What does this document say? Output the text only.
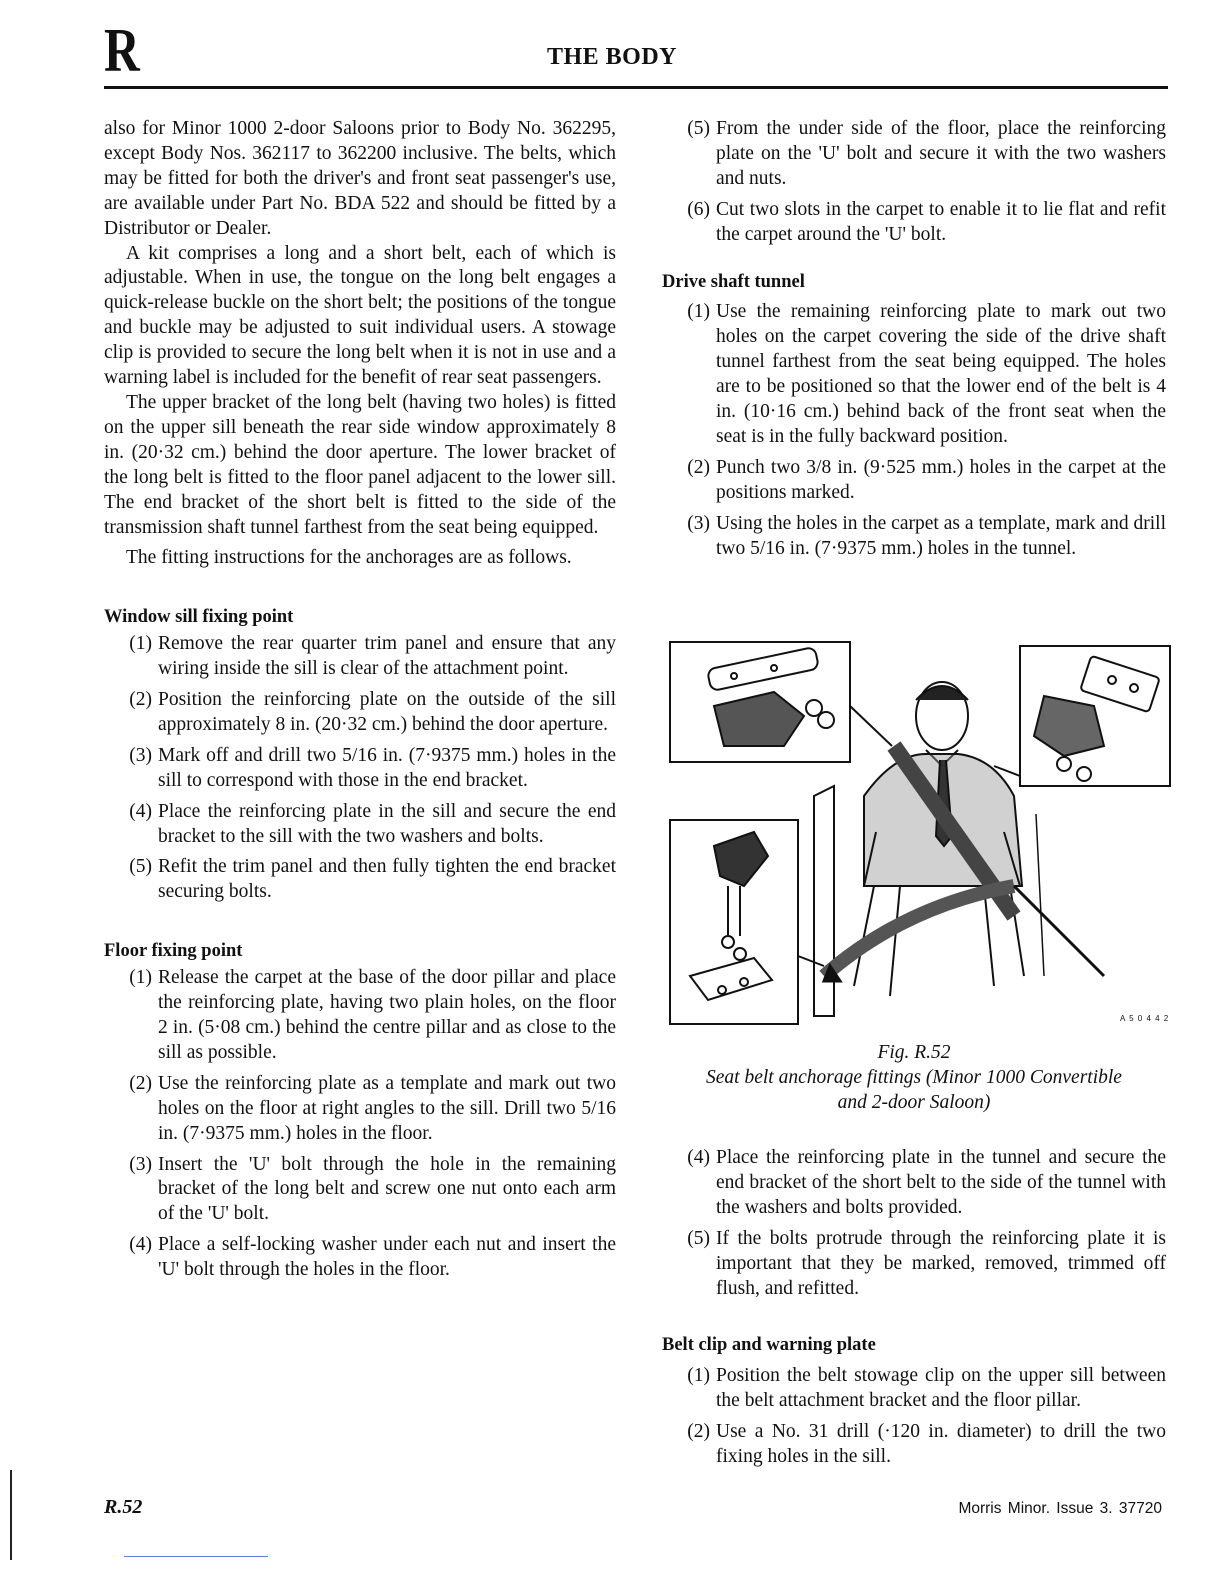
R	THE BODY

also for Minor 1000 2-door Saloons prior to Body No. 362295, except Body Nos. 362117 to 362200 inclusive. The belts, which may be fitted for both the driver's and front seat passenger's use, are available under Part No. BDA 522 and should be fitted by a Distributor or Dealer.

A kit comprises a long and a short belt, each of which is adjustable. When in use, the tongue on the long belt engages a quick-release buckle on the short belt; the positions of the tongue and buckle may be adjusted to suit individual users. A stowage clip is provided to secure the long belt when it is not in use and a warning label is included for the benefit of rear seat passengers.

The upper bracket of the long belt (having two holes) is fitted on the upper sill beneath the rear side window approximately 8 in. (20·32 cm.) behind the door aperture. The lower bracket of the long belt is fitted to the floor panel adjacent to the lower sill. The end bracket of the short belt is fitted to the side of the transmission shaft tunnel farthest from the seat being equipped.

The fitting instructions for the anchorages are as follows.

Window sill fixing point
(1) Remove the rear quarter trim panel and ensure that any wiring inside the sill is clear of the attachment point.
(2) Position the reinforcing plate on the outside of the sill approximately 8 in. (20·32 cm.) behind the door aperture.
(3) Mark off and drill two 5/16 in. (7·9375 mm.) holes in the sill to correspond with those in the end bracket.
(4) Place the reinforcing plate in the sill and secure the end bracket to the sill with the two washers and bolts.
(5) Refit the trim panel and then fully tighten the end bracket securing bolts.
Floor fixing point
(1) Release the carpet at the base of the door pillar and place the reinforcing plate, having two plain holes, on the floor 2 in. (5·08 cm.) behind the centre pillar and as close to the sill as possible.
(2) Use the reinforcing plate as a template and mark out two holes on the floor at right angles to the sill. Drill two 5/16 in. (7·9375 mm.) holes in the floor.
(3) Insert the 'U' bolt through the hole in the remaining bracket of the long belt and screw one nut onto each arm of the 'U' bolt.
(4) Place a self-locking washer under each nut and insert the 'U' bolt through the holes in the floor.
(5) From the under side of the floor, place the reinforcing plate on the 'U' bolt and secure it with the two washers and nuts.
(6) Cut two slots in the carpet to enable it to lie flat and refit the carpet around the 'U' bolt.
Drive shaft tunnel
(1) Use the remaining reinforcing plate to mark out two holes on the carpet covering the side of the drive shaft tunnel farthest from the seat being equipped. The holes are to be positioned so that the lower end of the belt is 4 in. (10·16 cm.) behind back of the front seat when the seat is in the fully backward position.
(2) Punch two 3/8 in. (9·525 mm.) holes in the carpet at the positions marked.
(3) Using the holes in the carpet as a template, mark and drill two 5/16 in. (7·9375 mm.) holes in the tunnel.
A 5 0 4 4 2
Fig. R.52
Seat belt anchorage fittings (Minor 1000 Convertible
and 2-door Saloon)
(4) Place the reinforcing plate in the tunnel and secure the end bracket of the short belt to the side of the tunnel with the washers and bolts provided.
(5) If the bolts protrude through the reinforcing plate it is important that they be marked, removed, trimmed off flush, and refitted.
Belt clip and warning plate
(1) Position the belt stowage clip on the upper sill between the belt attachment bracket and the floor pillar.
(2) Use a No. 31 drill (·120 in. diameter) to drill the two fixing holes in the sill.
R.52	Morris Minor. Issue 3. 37720
